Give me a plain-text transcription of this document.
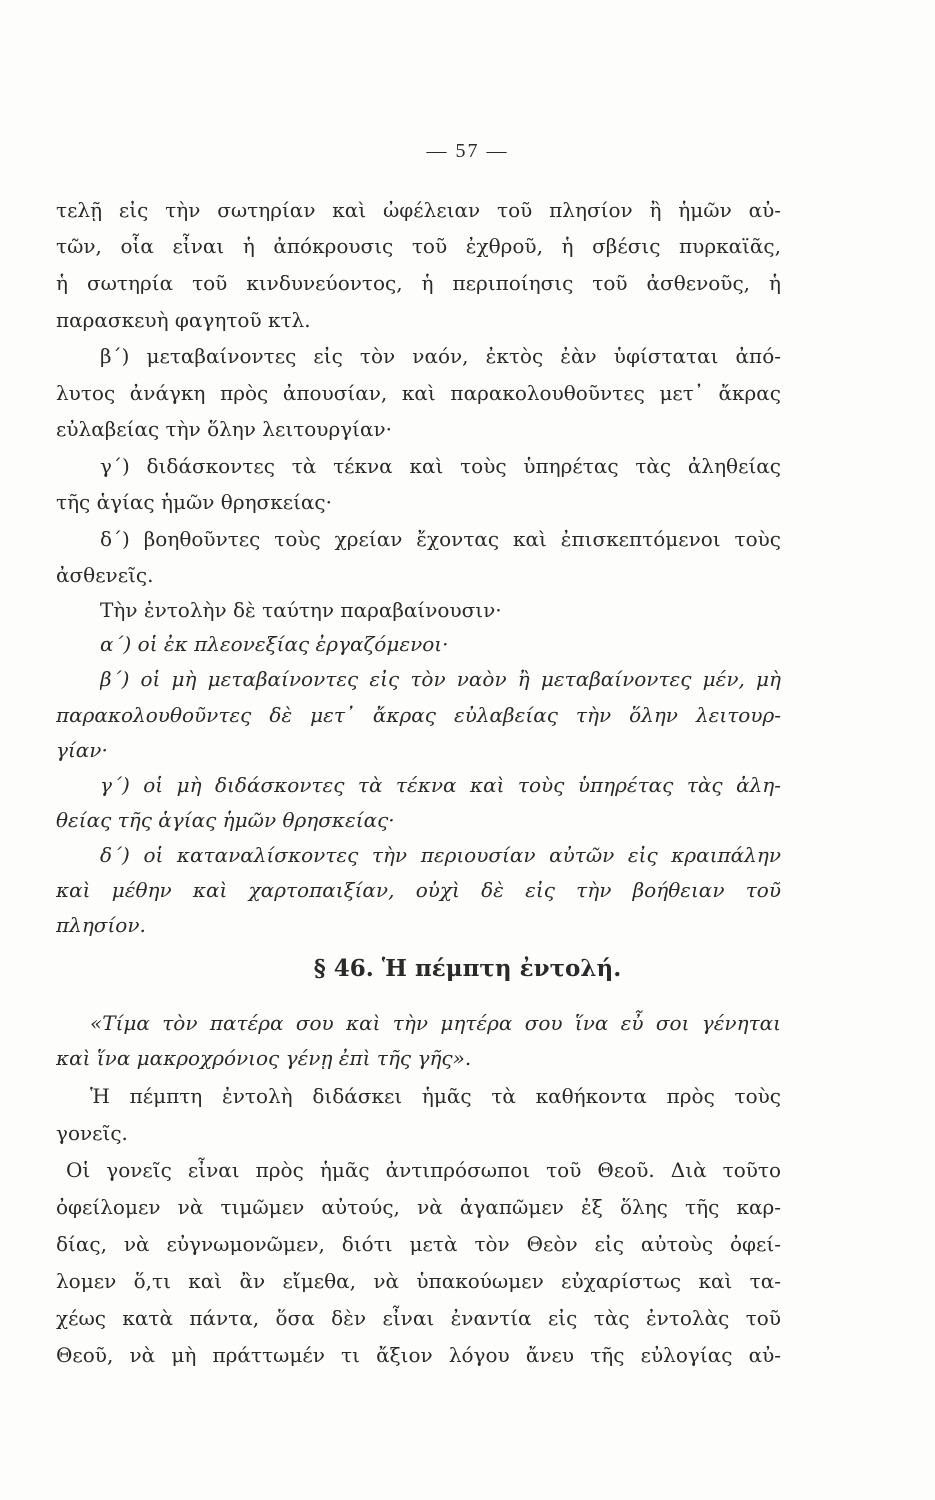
— 57 —
τελῇ εἰς τὴν σωτηρίαν καὶ ὠφέλειαν τοῦ πλησίον ἢ ἡμῶν αὐ-
τῶν, οἷα εἶναι ἡ ἀπόκρουσις τοῦ ἐχθροῦ, ἡ σβέσις πυρκαϊᾶς,
ἡ σωτηρία τοῦ κινδυνεύοντος, ἡ περιποίησις τοῦ ἀσθενοῦς, ἡ
παρασκευὴ φαγητοῦ κτλ.
β΄) μεταβαίνοντες εἰς τὸν ναόν, ἐκτὸς ἐὰν ὑφίσταται ἀπό-
λυτος ἀνάγκη πρὸς ἀπουσίαν, καὶ παρακολουθοῦντες μετ᾽ ἄκρας
εὐλαβείας τὴν ὅλην λειτουργίαν·
γ΄) διδάσκοντες τὰ τέκνα καὶ τοὺς ὑπηρέτας τὰς ἀληθείας
τῆς ἁγίας ἡμῶν θρησκείας·
δ΄) βοηθοῦντες τοὺς χρείαν ἔχοντας καὶ ἐπισκεπτόμενοι τοὺς
ἀσθενεῖς.
Τὴν ἐντολὴν δὲ ταύτην παραβαίνουσιν·
α΄) οἱ ἐκ πλεονεξίας ἐργαζόμενοι·
β΄) οἱ μὴ μεταβαίνοντες εἰς τὸν ναὸν ἢ μεταβαίνοντες μέν, μὴ
παρακολουθοῦντες δὲ μετ᾽ ἄκρας εὐλαβείας τὴν ὅλην λειτουρ-
γίαν·
γ΄) οἱ μὴ διδάσκοντες τὰ τέκνα καὶ τοὺς ὑπηρέτας τὰς ἀλη-
θείας τῆς ἁγίας ἡμῶν θρησκείας·
δ΄) οἱ καταναλίσκοντες τὴν περιουσίαν αὐτῶν εἰς κραιπάλην
καὶ μέθην καὶ χαρτοπαιξίαν, οὐχὶ δὲ εἰς τὴν βοήθειαν τοῦ
πλησίον.
§ 46. Ἡ πέμπτη ἐντολή.
«Τίμα τὸν πατέρα σου καὶ τὴν μητέρα σου ἵνα εὖ σοι γένηται
καὶ ἵνα μακροχρόνιος γένῃ ἐπὶ τῆς γῆς».
Ἡ πέμπτη ἐντολὴ διδάσκει ἡμᾶς τὰ καθήκοντα πρὸς τοὺς
γονεῖς.
Οἱ γονεῖς εἶναι πρὸς ἡμᾶς ἀντιπρόσωποι τοῦ Θεοῦ. Διὰ τοῦτο
ὀφείλομεν νὰ τιμῶμεν αὐτούς, νὰ ἀγαπῶμεν ἐξ ὅλης τῆς καρ-
δίας, νὰ εὐγνωμονῶμεν, διότι μετὰ τὸν Θεὸν εἰς αὐτοὺς ὀφεί-
λομεν ὅ,τι καὶ ἂν εἴμεθα, νὰ ὑπακούωμεν εὐχαρίστως καὶ τα-
χέως κατὰ πάντα, ὅσα δὲν εἶναι ἐναντία εἰς τὰς ἐντολὰς τοῦ
Θεοῦ, νὰ μὴ πράττωμέν τι ἄξιον λόγου ἄνευ τῆς εὐλογίας αὐ-
